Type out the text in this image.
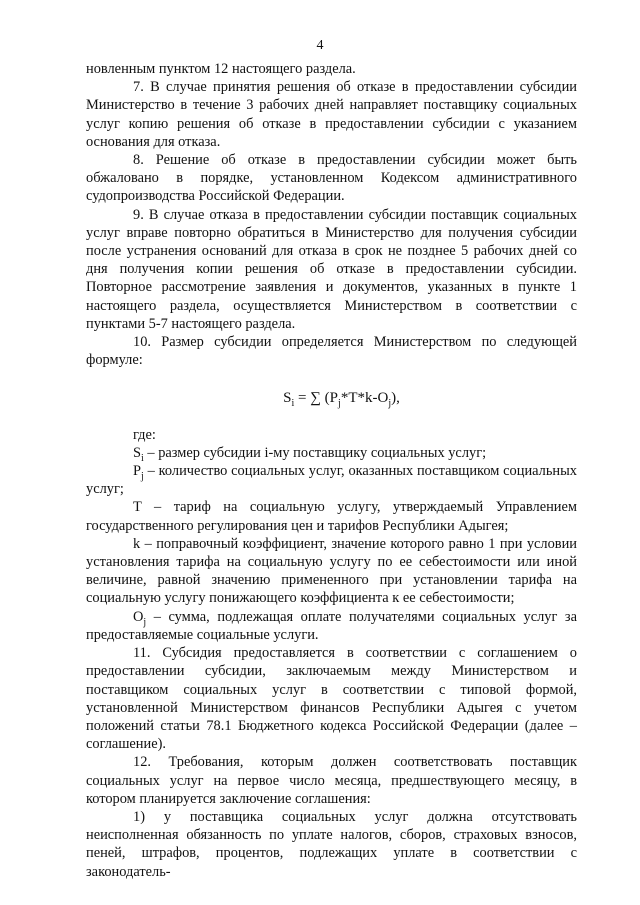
4

новленным пунктом 12 настоящего раздела.

7. В случае принятия решения об отказе в предоставлении субсидии Министерство в течение 3 рабочих дней направляет поставщику социальных услуг копию решения об отказе в предоставлении субсидии с указанием основания для отказа.

8. Решение об отказе в предоставлении субсидии может быть обжаловано в порядке, установленном Кодексом административного судопроизводства Российской Федерации.

9. В случае отказа в предоставлении субсидии поставщик социальных услуг вправе повторно обратиться в Министерство для получения субсидии после устранения оснований для отказа в срок не позднее 5 рабочих дней со дня получения копии решения об отказе в предоставлении субсидии. Повторное рассмотрение заявления и документов, указанных в пункте 1 настоящего раздела, осуществляется Министерством в соответствии с пунктами 5-7 настоящего раздела.

10. Размер субсидии определяется Министерством по следующей формуле:

$S_i$ = ∑ $(P_j*T*k-O_j)$,

где:

$S_i$ – размер субсидии i-му поставщику социальных услуг;

$P_j$ – количество социальных услуг, оказанных поставщиком социальных услуг;

T – тариф на социальную услугу, утверждаемый Управлением государственного регулирования цен и тарифов Республики Адыгея;

k – поправочный коэффициент, значение которого равно 1 при условии установления тарифа на социальную услугу по ее себестоимости или иной величине, равной значению примененного при установлении тарифа на социальную услугу понижающего коэффициента к ее себестоимости;

$O_j$ – сумма, подлежащая оплате получателями социальных услуг за предоставляемые социальные услуги.

11. Субсидия предоставляется в соответствии с соглашением о предоставлении субсидии, заключаемым между Министерством и поставщиком социальных услуг в соответствии с типовой формой, установленной Министерством финансов Республики Адыгея с учетом положений статьи 78.1 Бюджетного кодекса Российской Федерации (далее – соглашение).

12. Требования, которым должен соответствовать поставщик социальных услуг на первое число месяца, предшествующего месяцу, в котором планируется заключение соглашения:

1) у поставщика социальных услуг должна отсутствовать неисполненная обязанность по уплате налогов, сборов, страховых взносов, пеней, штрафов, процентов, подлежащих уплате в соответствии с законодатель-
